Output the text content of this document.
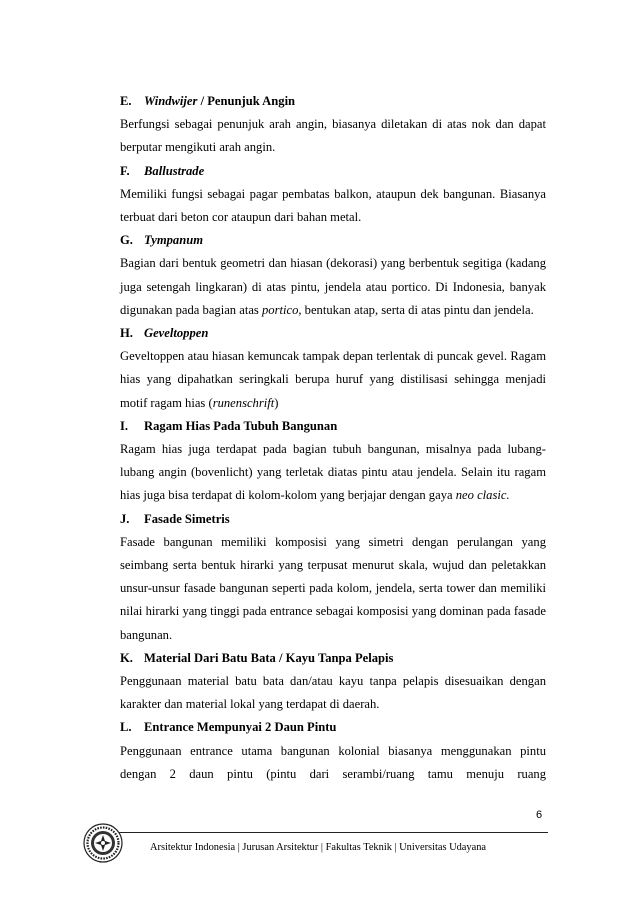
E. Windwijer / Penunjuk Angin

Berfungsi sebagai penunjuk arah angin, biasanya diletakan di atas nok dan dapat berputar mengikuti arah angin.

F. Ballustrade

Memiliki fungsi sebagai pagar pembatas balkon, ataupun dek bangunan. Biasanya terbuat dari beton cor ataupun dari bahan metal.

G. Tympanum

Bagian dari bentuk geometri dan hiasan (dekorasi) yang berbentuk segitiga (kadang juga setengah lingkaran) di atas pintu, jendela atau portico. Di Indonesia, banyak digunakan pada bagian atas portico, bentukan atap, serta di atas pintu dan jendela.

H. Geveltoppen

Geveltoppen atau hiasan kemuncak tampak depan terlentak di puncak gevel. Ragam hias yang dipahatkan seringkali berupa huruf yang distilisasi sehingga menjadi motif ragam hias (runenschrift)

I. Ragam Hias Pada Tubuh Bangunan

Ragam hias juga terdapat pada bagian tubuh bangunan, misalnya pada lubang-lubang angin (bovenlicht) yang terletak diatas pintu atau jendela. Selain itu ragam hias juga bisa terdapat di kolom-kolom yang berjajar dengan gaya neo clasic.

J. Fasade Simetris

Fasade bangunan memiliki komposisi yang simetri dengan perulangan yang seimbang serta bentuk hirarki yang terpusat menurut skala, wujud dan peletakkan unsur-unsur fasade bangunan seperti pada kolom, jendela, serta tower dan memiliki nilai hirarki yang tinggi pada entrance sebagai komposisi yang dominan pada fasade bangunan.

K. Material Dari Batu Bata / Kayu Tanpa Pelapis

Penggunaan material batu bata dan/atau kayu tanpa pelapis disesuaikan dengan karakter dan material lokal yang terdapat di daerah.

L. Entrance Mempunyai 2 Daun Pintu

Penggunaan entrance utama bangunan kolonial biasanya menggunakan pintu dengan 2 daun pintu (pintu dari serambi/ruang tamu menuju ruang

6
Arsitektur Indonesia | Jurusan Arsitektur | Fakultas Teknik | Universitas Udayana
